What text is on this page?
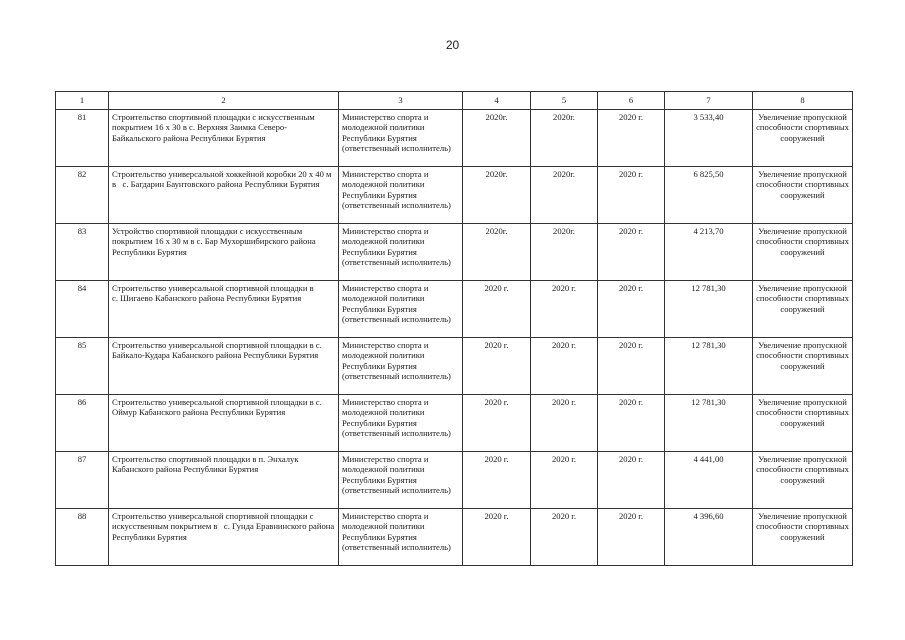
20
1	2	3	4	5	6	7	8

81	Строительство спортивной площадки с искусственным покрытием 16 х 30 в с. Верхняя Заимка Северо-Байкальского района Республики Бурятия	Министерство спорта и молодежной политики Республики Бурятия (ответственный исполнитель)	2020г.	2020г.	2020 г.	3 533,40	Увеличение пропускной способности спортивных сооружений

82	Строительство универсальной хоккейной коробки 20 х 40 м в   с. Багдарин Баунтовского района Республики Бурятия	Министерство спорта и молодежной политики Республики Бурятия (ответственный исполнитель)	2020г.	2020г.	2020 г.	6 825,50	Увеличение пропускной способности спортивных сооружений

83	Устройство спортивной площадки с искусственным покрытием 16 х 30 м в с. Бар Мухоршибирского района Республики Бурятия	Министерство спорта и молодежной политики Республики Бурятия (ответственный исполнитель)	2020г.	2020г.	2020 г.	4 213,70	Увеличение пропускной способности спортивных сооружений

84	Строительство универсальной спортивной площадки в            с. Шигаево Кабанского района Республики Бурятия	Министерство спорта и молодежной политики Республики Бурятия (ответственный исполнитель)	2020 г.	2020 г.	2020 г.	12 781,30	Увеличение пропускной способности спортивных сооружений

85	Строительство универсальной спортивной площадки в с. Байкало-Кудара Кабанского района Республики Бурятия	Министерство спорта и молодежной политики Республики Бурятия (ответственный исполнитель)	2020 г.	2020 г.	2020 г.	12 781,30	Увеличение пропускной способности спортивных сооружений

86	Строительство универсальной спортивной площадки в с. Оймур Кабанского района Республики Бурятия	Министерство спорта и молодежной политики Республики Бурятия (ответственный исполнитель)	2020 г.	2020 г.	2020 г.	12 781,30	Увеличение пропускной способности спортивных сооружений

87	Строительство спортивной площадки в п. Энхалук Кабанского района Республики Бурятия	Министерство спорта и молодежной политики Республики Бурятия (ответственный исполнитель)	2020 г.	2020 г.	2020 г.	4 441,00	Увеличение пропускной способности спортивных сооружений

88	Строительство универсальной спортивной площадки с искусственным покрытием в   с. Гунда Еравнинского района Республики Бурятия	Министерство спорта и молодежной политики Республики Бурятия (ответственный исполнитель)	2020 г.	2020 г.	2020 г.	4 396,60	Увеличение пропускной способности спортивных сооружений
